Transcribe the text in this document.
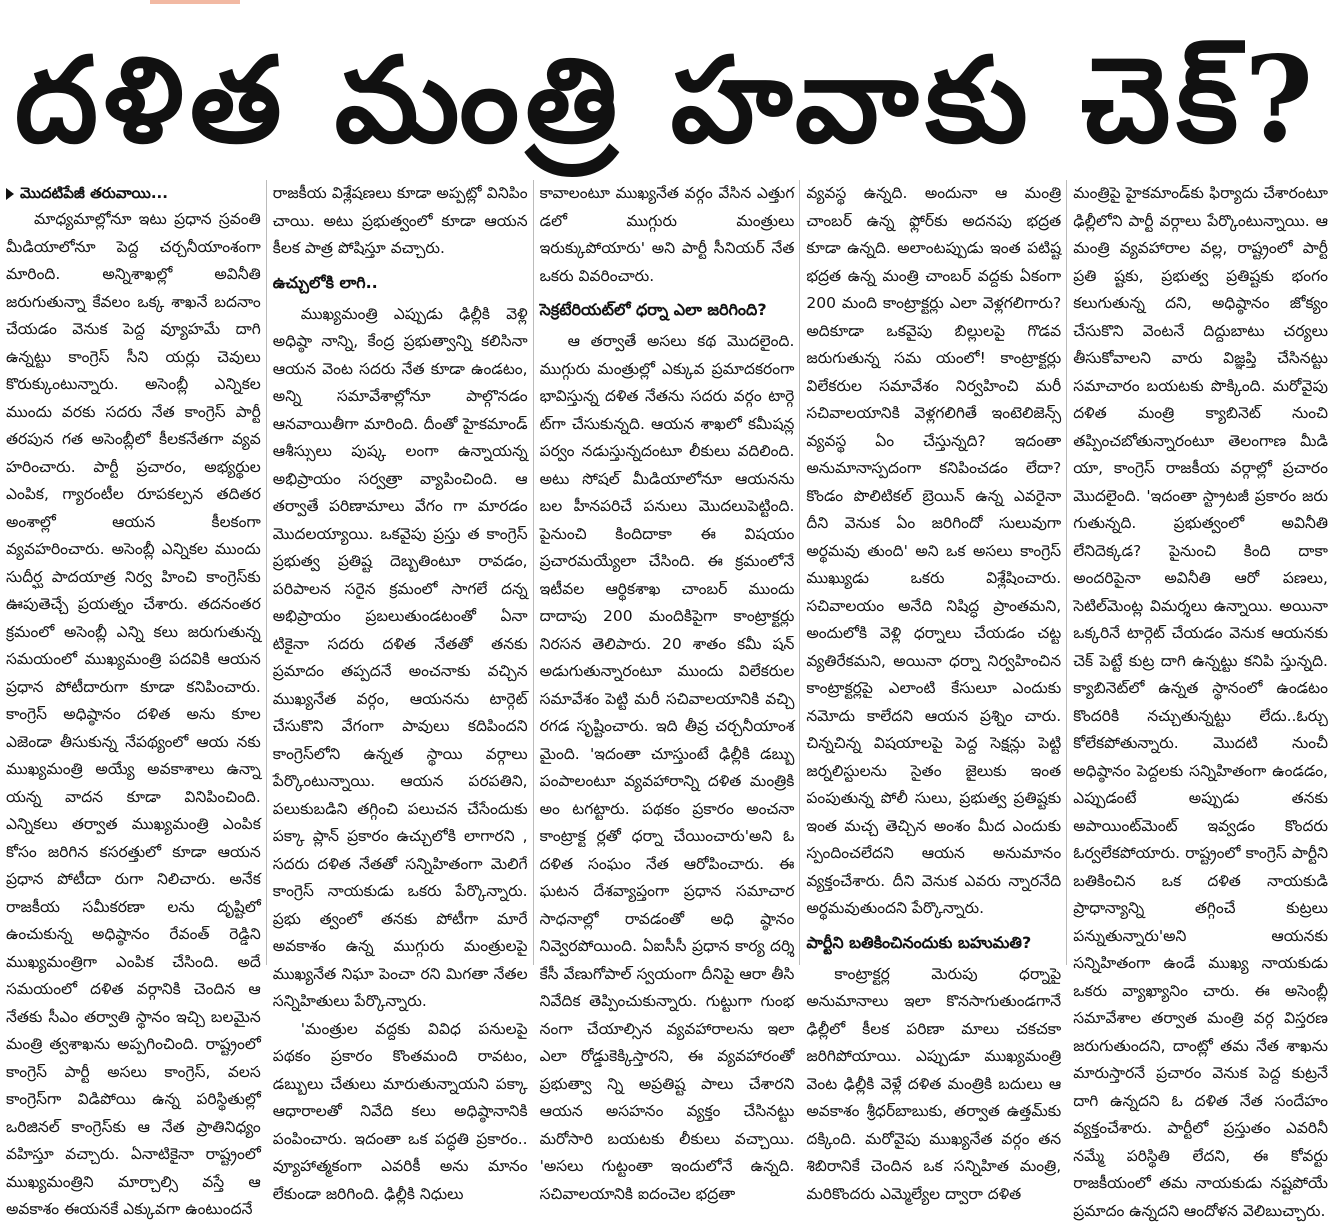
దళిత మంత్రి హవాకు చెక్?
మొదటిపేజీ తరువాయి...

మాధ్యమాల్లోనూ ఇటు ప్రధాన స్రవంతి మీడియాలోనూ పెద్ద చర్చనీయాంశంగా మారింది. అన్నిశాఖల్లో అవినీతి జరుగుతున్నా కేవలం ఒక్క శాఖనే బదనాం చేయడం వెనుక పెద్ద వ్యూహమే దాగి ఉన్నట్టు కాంగ్రెస్ సీని యర్లు చెవులు కొరుక్కుంటున్నారు. అసెంబ్లీ ఎన్నికల ముందు వరకు సదరు నేత కాంగ్రెస్ పార్టీ తరపున గత అసెంబ్లీలో కీలకనేతగా వ్యవ హరించారు. పార్టీ ప్రచారం, అభ్యర్థుల ఎంపిక, గ్యారంటీల రూపకల్పన తదితర అంశాల్లో ఆయన కీలకంగా వ్యవహరించారు. అసెంబ్లీ ఎన్నికల ముందు సుదీర్ఘ పాదయాత్ర నిర్వ హించి కాంగ్రెస్‌కు ఊపుతెచ్చే ప్రయత్నం చేశారు. తదనంతర క్రమంలో అసెంబ్లీ ఎన్ని కలు జరుగుతున్న సమయంలో ముఖ్యమంత్రి పదవికి ఆయన ప్రధాన పోటీదారుగా కూడా కనిపించారు. కాంగ్రెస్ అధిష్ఠానం దళిత అను కూల ఎజెండా తీసుకున్న నేపథ్యంలో ఆయ నకు ముఖ్యమంత్రి అయ్యే అవకాశాలు ఉన్నా యన్న వాదన కూడా వినిపించింది. ఎన్నికలు తర్వాత ముఖ్యమంత్రి ఎంపిక కోసం జరిగిన కసరత్తులో కూడా ఆయన ప్రధాన పోటీదా రుగా నిలిచారు. అనేక రాజకీయ సమీకరణా లను దృష్టిలో ఉంచుకున్న అధిష్ఠానం రేవంత్ రెడ్డిని ముఖ్యమంత్రిగా ఎంపిక చేసింది. అదే సమయంలో దళిత వర్గానికి చెందిన ఆ నేతకు సీఎం తర్వాతి స్థానం ఇచ్చి బలమైన మంత్రి త్వశాఖను అప్పగించింది. రాష్ట్రంలో కాంగ్రెస్ పార్టీ అసలు కాంగ్రెస్, వలస కాంగ్రెస్‌గా విడిపోయి ఉన్న పరిస్థితుల్లో ఒరిజినల్ కాంగ్రెస్‌కు ఆ నేత ప్రాతినిధ్యం వహిస్తూ వచ్చారు. ఏనాటికైనా రాష్ట్రంలో ముఖ్యమంత్రిని మార్చాల్సి వస్తే ఆ అవకాశం ఈయనకే ఎక్కువగా ఉంటుందనే

రాజకీయ విశ్లేషణలు కూడా అప్పట్లో వినిపిం చాయి. అటు ప్రభుత్వంలో కూడా ఆయన కీలక పాత్ర పోషిస్తూ వచ్చారు.

ఉచ్చులోకి లాగి..

ముఖ్యమంత్రి ఎప్పుడు ఢిల్లీకి వెళ్లి అధిష్ఠా నాన్ని, కేంద్ర ప్రభుత్వాన్ని కలిసినా ఆయన వెంట సదరు నేత కూడా ఉండటం, అన్ని సమావేశాల్లోనూ పాల్గొనడం ఆనవాయితీగా మారింది. దీంతో హైకమాండ్ ఆశీస్సులు పుష్క లంగా ఉన్నాయన్న అభిప్రాయం సర్వత్రా వ్యాపించింది. ఆ తర్వాతే పరిణామాలు వేగం గా మారడం మొదలయ్యాయి. ఒకవైపు ప్రస్తు త కాంగ్రెస్ ప్రభుత్వ ప్రతిష్ట దెబ్బతింటూ రావడం, పరిపాలన సరైన క్రమంలో సాగలే దన్న అభిప్రాయం ప్రబలుతుండటంతో ఏనా టికైనా సదరు దళిత నేతతో తనకు ప్రమాదం తప్పదనే అంచనాకు వచ్చిన ముఖ్యనేత వర్గం, ఆయనను టార్గెట్ చేసుకొని వేగంగా పావులు కదిపిందని కాంగ్రెస్‌లోని ఉన్నత స్థాయి వర్గాలు పేర్కొంటున్నాయి. ఆయన పరపతిని, పలుకుబడిని తగ్గించి పలుచన చేసేందుకు పక్కా ప్లాన్ ప్రకారం ఉచ్చులోకి లాగారని , సదరు దళిత నేతతో సన్నిహితంగా మెలిగే కాంగ్రెస్ నాయకుడు ఒకరు పేర్కొన్నారు. ప్రభు త్వంలో తనకు పోటీగా మారే అవకాశం ఉన్న ముగ్గురు మంత్రులపై ముఖ్యనేత నిఘా పెంచా రని మిగతా నేతల సన్నిహితులు పేర్కొన్నారు.

'మంత్రుల వద్దకు వివిధ పనులపై పథకం ప్రకారం కొంతమంది రావటం, డబ్బులు చేతులు మారుతున్నాయని పక్కా ఆధారాలతో నివేది కలు అధిష్ఠానానికి పంపించారు. ఇదంతా ఒక పద్ధతి ప్రకారం.. వ్యూహాత్మకంగా ఎవరికీ అను మానం లేకుండా జరిగింది. ఢిల్లీకి నిధులు

కావాలంటూ ముఖ్యనేత వర్గం వేసిన ఎత్తుగ డలో ముగ్గురు మంత్రులు ఇరుక్కుపోయారు' అని పార్టీ సీనియర్ నేత ఒకరు వివరించారు.

సెక్రటేరియట్‌లో ధర్నా ఎలా జరిగింది?

ఆ తర్వాతే అసలు కథ మొదలైంది. ముగ్గురు మంత్రుల్లో ఎక్కువ ప్రమాదకరంగా భావిస్తున్న దళిత నేతను సదరు వర్గం టార్గె ట్‌గా చేసుకున్నది. ఆయన శాఖలో కమీషన్ల పర్వం నడుస్తున్నదంటూ లీకులు వదిలింది. అటు సోషల్ మీడియాలోనూ ఆయనను బల హీనపరిచే పనులు మొదలుపెట్టింది. పైనుంచి కిందిదాకా ఈ విషయం ప్రచారమయ్యేలా చేసింది. ఈ క్రమంలోనే ఇటీవల ఆర్థికశాఖ చాంబర్ ముందు దాదాపు 200 మందికిపైగా కాంట్రాక్టర్లు నిరసన తెలిపారు. 20 శాతం కమీ షన్ అడుగుతున్నారంటూ ముందు విలేకరుల సమావేశం పెట్టి మరీ సచివాలయానికి వచ్చి రగడ సృష్టించారు. ఇది తీవ్ర చర్చనీయాంశ మైంది. 'ఇదంతా చూస్తుంటే ఢిల్లీకి డబ్బు పంపాలంటూ వ్యవహారాన్ని దళిత మంత్రికి అం టగట్టారు. పథకం ప్రకారం అంచనా కాంట్రాక్ట ర్లతో ధర్నా చేయించారు'అని ఓ దళిత సంఘం నేత ఆరోపించారు. ఈ ఘటన దేశవ్యాప్తంగా ప్రధాన సమాచార సాధనాల్లో రావడంతో అధి ష్ఠానం నివ్వెరపోయింది. ఏఐసీసీ ప్రధాన కార్య దర్శి కేసీ వేణుగోపాల్ స్వయంగా దీనిపై ఆరా తీసి నివేదిక తెప్పించుకున్నారు. గుట్టుగా గుంభ నంగా చేయాల్సిన వ్యవహారాలను ఇలా ఎలా రోడ్డుకెక్కిస్తారని, ఈ వ్యవహారంతో ప్రభుత్వా న్ని అప్రతిష్ట పాలు చేశారని ఆయన అసహనం వ్యక్తం చేసినట్టు మరోసారి బయటకు లీకులు వచ్చాయి. 'అసలు గుట్టంతా ఇందులోనే ఉన్నది. సచివాలయానికి ఐదంచెల భద్రతా

వ్యవస్థ ఉన్నది. అందునా ఆ మంత్రి చాంబర్ ఉన్న ఫ్లోర్‌కు అదనపు భద్రత కూడా ఉన్నది. అలాంటప్పుడు ఇంత పటిష్ట భద్రత ఉన్న మంత్రి చాంబర్ వద్దకు ఏకంగా 200 మంది కాంట్రాక్టర్లు ఎలా వెళ్లగలిగారు? అదికూడా ఒకవైపు బిల్లులపై గొడవ జరుగుతున్న సమ యంలో! కాంట్రాక్టర్లు విలేకరుల సమావేశం నిర్వహించి మరీ సచివాలయానికి వెళ్లగలిగితే ఇంటెలిజెన్స్ వ్యవస్థ ఏం చేస్తున్నది? ఇదంతా అనుమానాస్పదంగా కనిపించడం లేదా? కొండం పొలిటికల్ బ్రెయిన్ ఉన్న ఎవరైనా దీని వెనుక ఏం జరిగిందో సులువుగా అర్థమవు తుంది' అని ఒక అసలు కాంగ్రెస్ ముఖ్యుడు ఒకరు విశ్లేషించారు. సచివాలయం అనేది నిషిద్ధ ప్రాంతమని, అందులోకి వెళ్లి ధర్నాలు చేయడం చట్ట వ్యతిరేకమని, అయినా ధర్నా నిర్వహించిన కాంట్రాక్టర్లపై ఎలాంటి కేసులూ ఎందుకు నమోదు కాలేదని ఆయన ప్రశ్నిం చారు. చిన్నచిన్న విషయాలపై పెద్ద సెక్షన్లు పెట్టి జర్నలిస్టులను సైతం జైలుకు ఇంత పంపుతున్న పోలీ సులు, ప్రభుత్వ ప్రతిష్టకు ఇంత మచ్చ తెచ్చిన అంశం మీద ఎందుకు స్పందించలేదని ఆయన అనుమానం వ్యక్తంచేశారు. దీని వెనుక ఎవరు న్నారనేది అర్థమవుతుందని పేర్కొన్నారు.

పార్టీని బతికించినందుకు బహుమతి?

కాంట్రాక్టర్ల మెరుపు ధర్నాపై అనుమానాలు ఇలా కొనసాగుతుండగానే ఢిల్లీలో కీలక పరిణా మాలు చకచకా జరిగిపోయాయి. ఎప్పుడూ ముఖ్యమంత్రి వెంట ఢిల్లీకి వెళ్లే దళిత మంత్రికి బదులు ఆ అవకాశం శ్రీధర్‌బాబుకు, తర్వాత ఉత్తమ్‌కు దక్కింది. మరోవైపు ముఖ్యనేత వర్గం తన శిబిరానికే చెందిన ఒక సన్నిహిత మంత్రి, మరికొందరు ఎమ్మెల్యేల ద్వారా దళిత

మంత్రిపై హైకమాండ్‌కు ఫిర్యాదు చేశారంటూ ఢిల్లీలోని పార్టీ వర్గాలు పేర్కొంటున్నాయి. ఆ మంత్రి వ్యవహారాల వల్ల, రాష్ట్రంలో పార్టీ ప్రతి ష్టకు, ప్రభుత్వ ప్రతిష్టకు భంగం కలుగుతున్న దని, అధిష్ఠానం జోక్యం చేసుకొని వెంటనే దిద్దుబాటు చర్యలు తీసుకోవాలని వారు విజ్ఞప్తి చేసినట్టు సమాచారం బయటకు పొక్కింది. మరోవైపు దళిత మంత్రి క్యాబినెట్ నుంచి తప్పించబోతున్నారంటూ తెలంగాణ మీడి యా, కాంగ్రెస్ రాజకీయ వర్గాల్లో ప్రచారం మొదలైంది. 'ఇదంతా స్ట్రాటజీ ప్రకారం జరు గుతున్నది. ప్రభుత్వంలో అవినీతి లేనిదెక్కడ? పైనుంచి కింది దాకా అందరిపైనా అవినీతి ఆరో పణలు, సెటిల్‌మెంట్ల విమర్శలు ఉన్నాయి. అయినా ఒక్కరినే టార్గెట్ చేయడం వెనుక ఆయనకు చెక్ పెట్టే కుట్ర దాగి ఉన్నట్టు కనిపి స్తున్నది. క్యాబినెట్‌లో ఉన్నత స్థానంలో ఉండటం కొందరికి నచ్చుతున్నట్టు లేదు..ఓర్చు కోలేకపోతున్నారు. మొదటి నుంచీ అధిష్ఠానం పెద్దలకు సన్నిహితంగా ఉండడం, ఎప్పుడంటే అప్పుడు తనకు అపాయింట్‌మెంట్ ఇవ్వడం కొందరు ఓర్వలేకపోయారు. రాష్ట్రంలో కాంగ్రెస్ పార్టీని బతికించిన ఒక దళిత నాయకుడి ప్రాధాన్యాన్ని తగ్గించే కుట్రలు పన్నుతున్నారు'అని ఆయనకు సన్నిహితంగా ఉండే ముఖ్య నాయకుడు ఒకరు వ్యాఖ్యానిం చారు. ఈ అసెంబ్లీ సమావేశాల తర్వాత మంత్రి వర్గ విస్తరణ జరుగుతుందని, దాంట్లో తమ నేత శాఖను మారుస్తారనే ప్రచారం వెనుక పెద్ద కుట్రనే దాగి ఉన్నదని ఓ దళిత నేత సందేహం వ్యక్తంచేశారు. పార్టీలో ప్రస్తుతం ఎవరినీ నమ్మే పరిస్థితి లేదని, ఈ కోవర్టు రాజకీయంలో తమ నాయకుడు నష్టపోయే ప్రమాదం ఉన్నదని ఆందోళన వెలిబుచ్చారు.
